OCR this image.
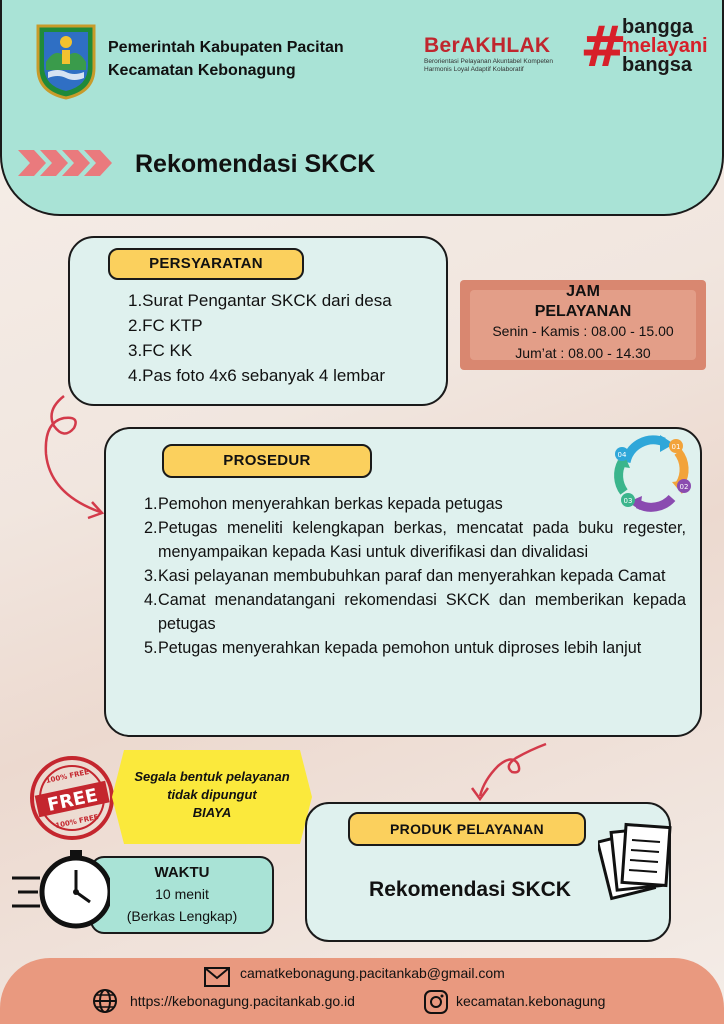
Pemerintah Kabupaten Pacitan
Kecamatan Kebonagung
BerAKHLAK
Berorientasi Pelayanan Akuntabel Kompeten
Harmonis Loyal Adaptif Kolaboratif	#
bangga
melayani
bangsa
Rekomendasi SKCK
PERSYARATAN
1.Surat Pengantar SKCK dari desa
2.FC KTP
3.FC KK
4.Pas foto 4x6 sebanyak 4 lembar
JAM
PELAYANAN
Senin - Kamis : 08.00 - 15.00
Jum’at : 08.00 - 14.30
PROSEDUR
01
02
03
04
1. Pemohon menyerahkan berkas kepada petugas
2. Petugas meneliti kelengkapan berkas, mencatat pada buku regester, menyampaikan kepada Kasi untuk diverifikasi dan divalidasi
3. Kasi pelayanan membubuhkan paraf dan menyerahkan kepada Camat
4. Camat menandatangani rekomendasi SKCK dan memberikan kepada petugas
5. Petugas menyerahkan kepada pemohon untuk diproses lebih lanjut
FREE
100% FREE
100% FREE
Segala bentuk pelayanan
tidak dipungut
BIAYA
WAKTU
10 menit
(Berkas Lengkap)
PRODUK PELAYANAN
Rekomendasi SKCK
camatkebonagung.pacitankab@gmail.com
https://kebonagung.pacitankab.go.id	kecamatan.kebonagung
